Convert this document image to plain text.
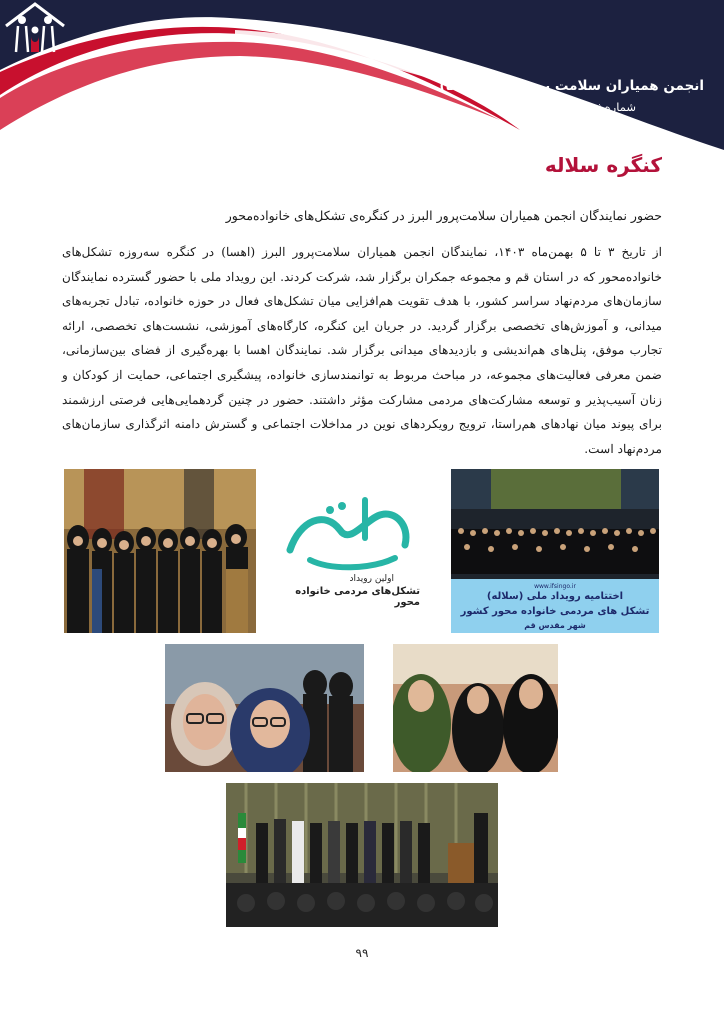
انجمن همیاران سلامت پرور البرز(اهسا)
شماره ثبت : ۲۴۲۳
کنگره سلاله
حضور نمایندگان انجمن همیاران سلامت‌پرور البرز در کنگره‌ی تشکل‌های خانواده‌محور
از تاریخ ۳ تا ۵ بهمن‌ماه ۱۴۰۳، نمایندگان انجمن همیاران سلامت‌پرور البرز (اهسا) در کنگره سه‌روزه تشکل‌های خانواده‌محور که در استان قم و مجموعه جمکران برگزار شد، شرکت کردند. این رویداد ملی با حضور گسترده نمایندگان سازمان‌های مردم‌نهاد سراسر کشور، با هدف تقویت هم‌افزایی میان تشکل‌های فعال در حوزه خانواده، تبادل تجربه‌های میدانی، و آموزش‌های تخصصی برگزار گردید. در جریان این کنگره، کارگاه‌های آموزشی، نشست‌های تخصصی، ارائه تجارب موفق، پنل‌های هم‌اندیشی و بازدیدهای میدانی برگزار شد. نمایندگان اهسا با بهره‌گیری از فضای بین‌سازمانی، ضمن معرفی فعالیت‌های مجموعه، در مباحث مربوط به توانمندسازی خانواده، پیشگیری اجتماعی، حمایت از کودکان و زنان آسیب‌پذیر و توسعه مشارکت‌های مردمی مشارکت مؤثر داشتند. حضور در چنین گردهمایی‌هایی فرصتی ارزشمند برای پیوند میان نهادهای هم‌راستا، ترویج رویکردهای نوین در مداخلات اجتماعی و گسترش دامنه اثرگذاری سازمان‌های مردم‌نهاد است.
اولین رویداد
تشکل‌های مردمی خانواده محور
www.ifsingo.ir
اختتامیه رویداد ملی (سلاله)
تشکل های مردمی خانواده محور کشور
شهر مقدس قم
۹۹
